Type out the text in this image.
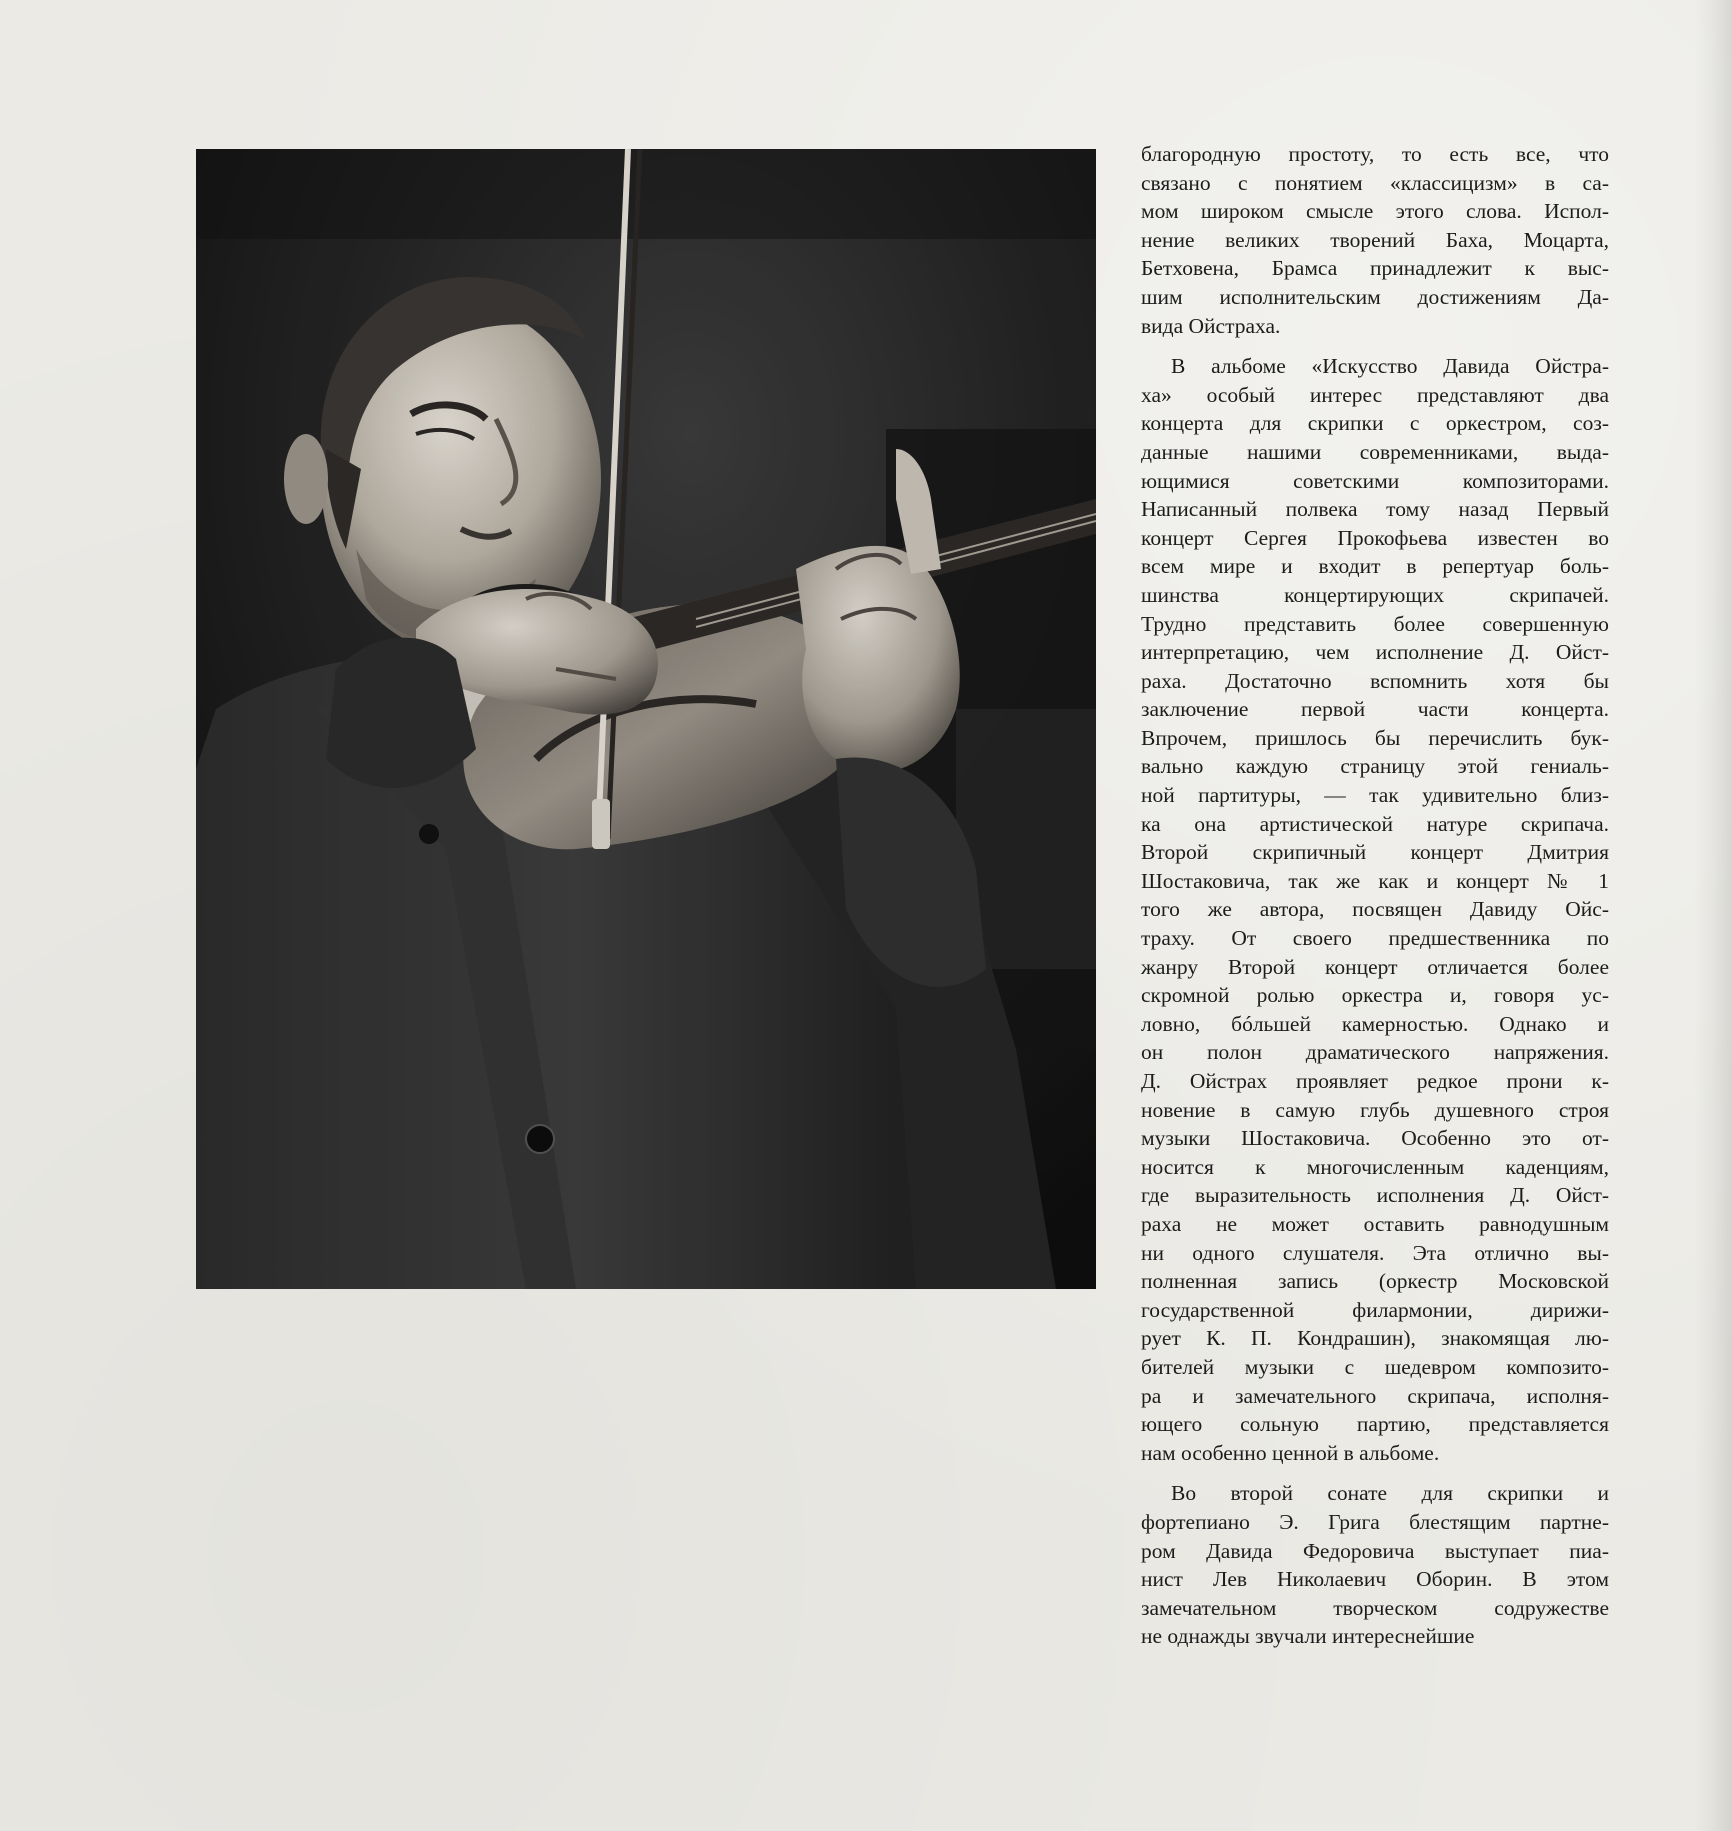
благородную простоту, то есть все, что
связано с понятием «классицизм» в са-
мом широком смысле этого слова. Испол-
нение великих творений Баха, Моцарта,
Бетховена, Брамса принадлежит к выс-
шим исполнительским достижениям Да-
вида Ойстраха.
В альбоме «Искусство Давида Ойстра-
ха» особый интерес представляют два
концерта для скрипки с оркестром, соз-
данные нашими современниками, выда-
ющимися советскими композиторами.
Написанный полвека тому назад Первый
концерт Сергея Прокофьева известен во
всем мире и входит в репертуар боль-
шинства концертирующих скрипачей.
Трудно представить более совершенную
интерпретацию, чем исполнение Д. Ойст-
раха. Достаточно вспомнить хотя бы
заключение первой части концерта.
Впрочем, пришлось бы перечислить бук-
вально каждую страницу этой гениаль-
ной партитуры, — так удивительно близ-
ка она артистической натуре скрипача.
Второй скрипичный концерт Дмитрия
Шостаковича, так же как и концерт № 1
того же автора, посвящен Давиду Ойс-
траху. От своего предшественника по
жанру Второй концерт отличается более
скромной ролью оркестра и, говоря ус-
ловно, бóльшей камерностью. Однако и
он полон драматического напряжения.
Д. Ойстрах проявляет редкое прони к-
новение в самую глубь душевного строя
музыки Шостаковича. Особенно это от-
носится к многочисленным каденциям,
где выразительность исполнения Д. Ойст-
раха не может оставить равнодушным
ни одного слушателя. Эта отлично вы-
полненная запись (оркестр Московской
государственной филармонии, дирижи-
рует К. П. Кондрашин), знакомящая лю-
бителей музыки с шедевром композито-
ра и замечательного скрипача, исполня-
ющего сольную партию, представляется
нам особенно ценной в альбоме.
Во второй сонате для скрипки и
фортепиано Э. Грига блестящим партне-
ром Давида Федоровича выступает пиа-
нист Лев Николаевич Оборин. В этом
замечательном творческом содружестве
не однажды звучали интереснейшие
